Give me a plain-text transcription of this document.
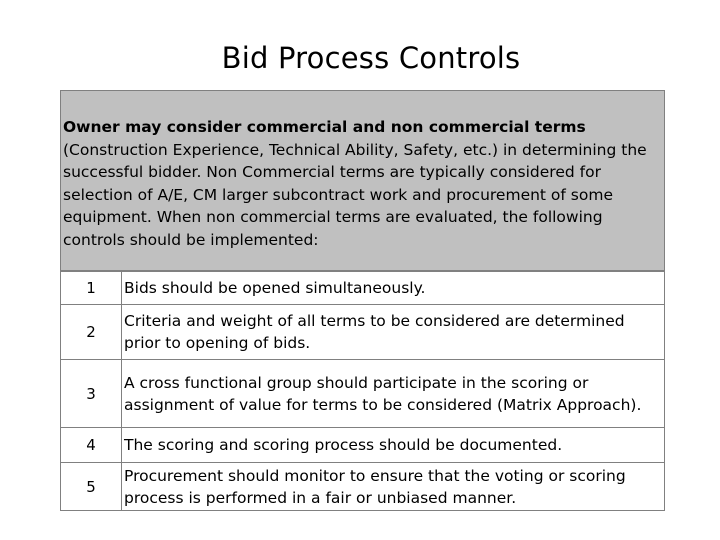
Bid Process Controls
Owner may consider commercial and non commercial terms (Construction Experience, Technical Ability, Safety, etc.) in determining the successful bidder. Non Commercial terms are typically considered for selection of A/E, CM larger subcontract work and procurement of some equipment. When non commercial terms are evaluated, the following controls should be implemented:
1	Bids should be opened simultaneously.
2	Criteria and weight of all terms to be considered are determined prior to opening of bids.
3	A cross functional group should participate in the scoring or assignment of value for terms to be considered (Matrix Approach).
4	The scoring and scoring process should be documented.
5	Procurement should monitor to ensure that the voting or scoring process is performed in a fair or unbiased manner.
